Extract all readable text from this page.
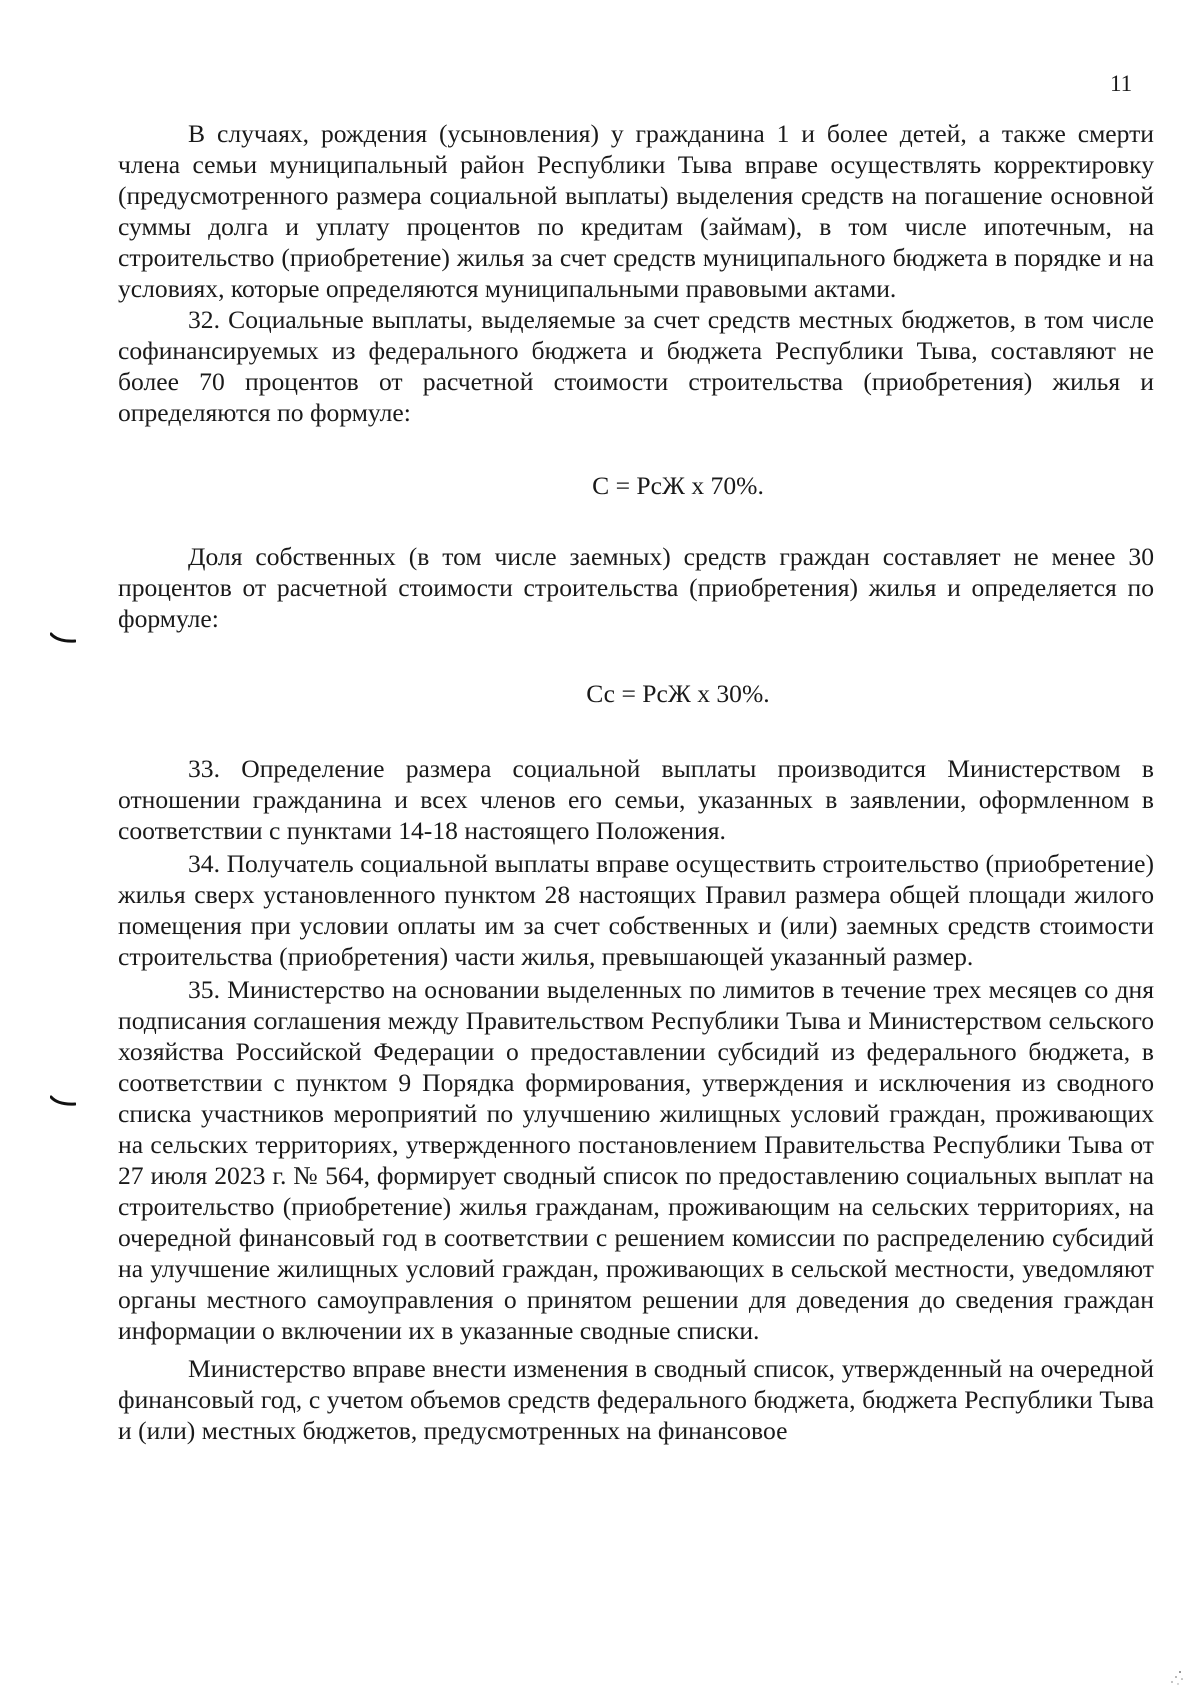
11

В случаях, рождения (усыновления) у гражданина 1 и более детей, а также смерти члена семьи муниципальный район Республики Тыва вправе осуществлять корректировку (предусмотренного размера социальной выплаты) выделения средств на погашение основной суммы долга и уплату процентов по кредитам (займам), в том числе ипотечным, на строительство (приобретение) жилья за счет средств муниципального бюджета в порядке и на условиях, которые определяются муниципальными правовыми актами.

32. Социальные выплаты, выделяемые за счет средств местных бюджетов, в том числе софинансируемых из федерального бюджета и бюджета Республики Тыва, составляют не более 70 процентов от расчетной стоимости строительства (приобретения) жилья и определяются по формуле:

С = РсЖ х 70%.

Доля собственных (в том числе заемных) средств граждан составляет не менее 30 процентов от расчетной стоимости строительства (приобретения) жилья и определяется по формуле:

Сс = РсЖ х 30%.

33. Определение размера социальной выплаты производится Министерством в отношении гражданина и всех членов его семьи, указанных в заявлении, оформленном в соответствии с пунктами 14-18 настоящего Положения.

34. Получатель социальной выплаты вправе осуществить строительство (приобретение) жилья сверх установленного пунктом 28 настоящих Правил размера общей площади жилого помещения при условии оплаты им за счет собственных и (или) заемных средств стоимости строительства (приобретения) части жилья, превышающей указанный размер.

35. Министерство на основании выделенных по лимитов в течение трех месяцев со дня подписания соглашения между Правительством Республики Тыва и Министерством сельского хозяйства Российской Федерации о предоставлении субсидий из федерального бюджета, в соответствии с пунктом 9 Порядка формирования, утверждения и исключения из сводного списка участников мероприятий по улучшению жилищных условий граждан, проживающих на сельских территориях, утвержденного постановлением Правительства Республики Тыва от 27 июля 2023 г. № 564, формирует сводный список по предоставлению социальных выплат на строительство (приобретение) жилья гражданам, проживающим на сельских территориях, на очередной финансовый год в соответствии с решением комиссии по распределению субсидий на улучшение жилищных условий граждан, проживающих в сельской местности, уведомляют органы местного самоуправления о принятом решении для доведения до сведения граждан информации о включении их в указанные сводные списки.

Министерство вправе внести изменения в сводный список, утвержденный на очередной финансовый год, с учетом объемов средств федерального бюджета, бюджета Республики Тыва и (или) местных бюджетов, предусмотренных на финансовое
